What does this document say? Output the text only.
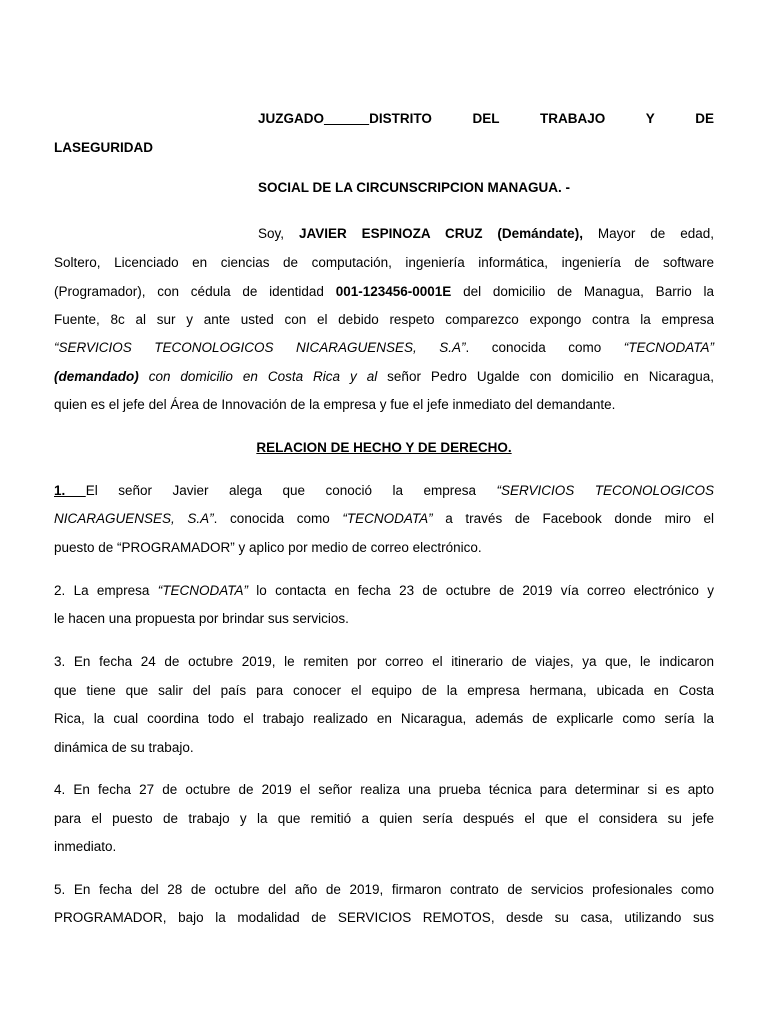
JUZGADO______DISTRITO DEL TRABAJO Y DE
LASEGURIDAD
SOCIAL DE LA CIRCUNSCRIPCION MANAGUA. -
Soy, JAVIER ESPINOZA CRUZ (Demándate), Mayor de edad,
Soltero, Licenciado en ciencias de computación, ingeniería informática, ingeniería de software
(Programador), con cédula de identidad 001-123456-0001E del domicilio de Managua, Barrio la
Fuente, 8c al sur y ante usted con el debido respeto comparezco expongo contra la empresa
“SERVICIOS TECONOLOGICOS NICARAGUENSES, S.A”. conocida como “TECNODATA”
(demandado) con domicilio en Costa Rica y al señor Pedro Ugalde con domicilio en Nicaragua,
quien es el jefe del Área de Innovación de la empresa y fue el jefe inmediato del demandante.
RELACION DE HECHO Y DE DERECHO.
1. El señor Javier alega que conoció la empresa “SERVICIOS TECONOLOGICOS
NICARAGUENSES, S.A”. conocida como “TECNODATA” a través de Facebook donde miro el
puesto de “PROGRAMADOR” y aplico por medio de correo electrónico.
2. La empresa “TECNODATA” lo contacta en fecha 23 de octubre de 2019 vía correo electrónico y
le hacen una propuesta por brindar sus servicios.
3. En fecha 24 de octubre 2019, le remiten por correo el itinerario de viajes, ya que, le indicaron
que tiene que salir del país para conocer el equipo de la empresa hermana, ubicada en Costa
Rica, la cual coordina todo el trabajo realizado en Nicaragua, además de explicarle como sería la
dinámica de su trabajo.
4. En fecha 27 de octubre de 2019 el señor realiza una prueba técnica para determinar si es apto
para el puesto de trabajo y la que remitió a quien sería después el que el considera su jefe
inmediato.
5. En fecha del 28 de octubre del año de 2019, firmaron contrato de servicios profesionales como
PROGRAMADOR, bajo la modalidad de SERVICIOS REMOTOS, desde su casa, utilizando sus
